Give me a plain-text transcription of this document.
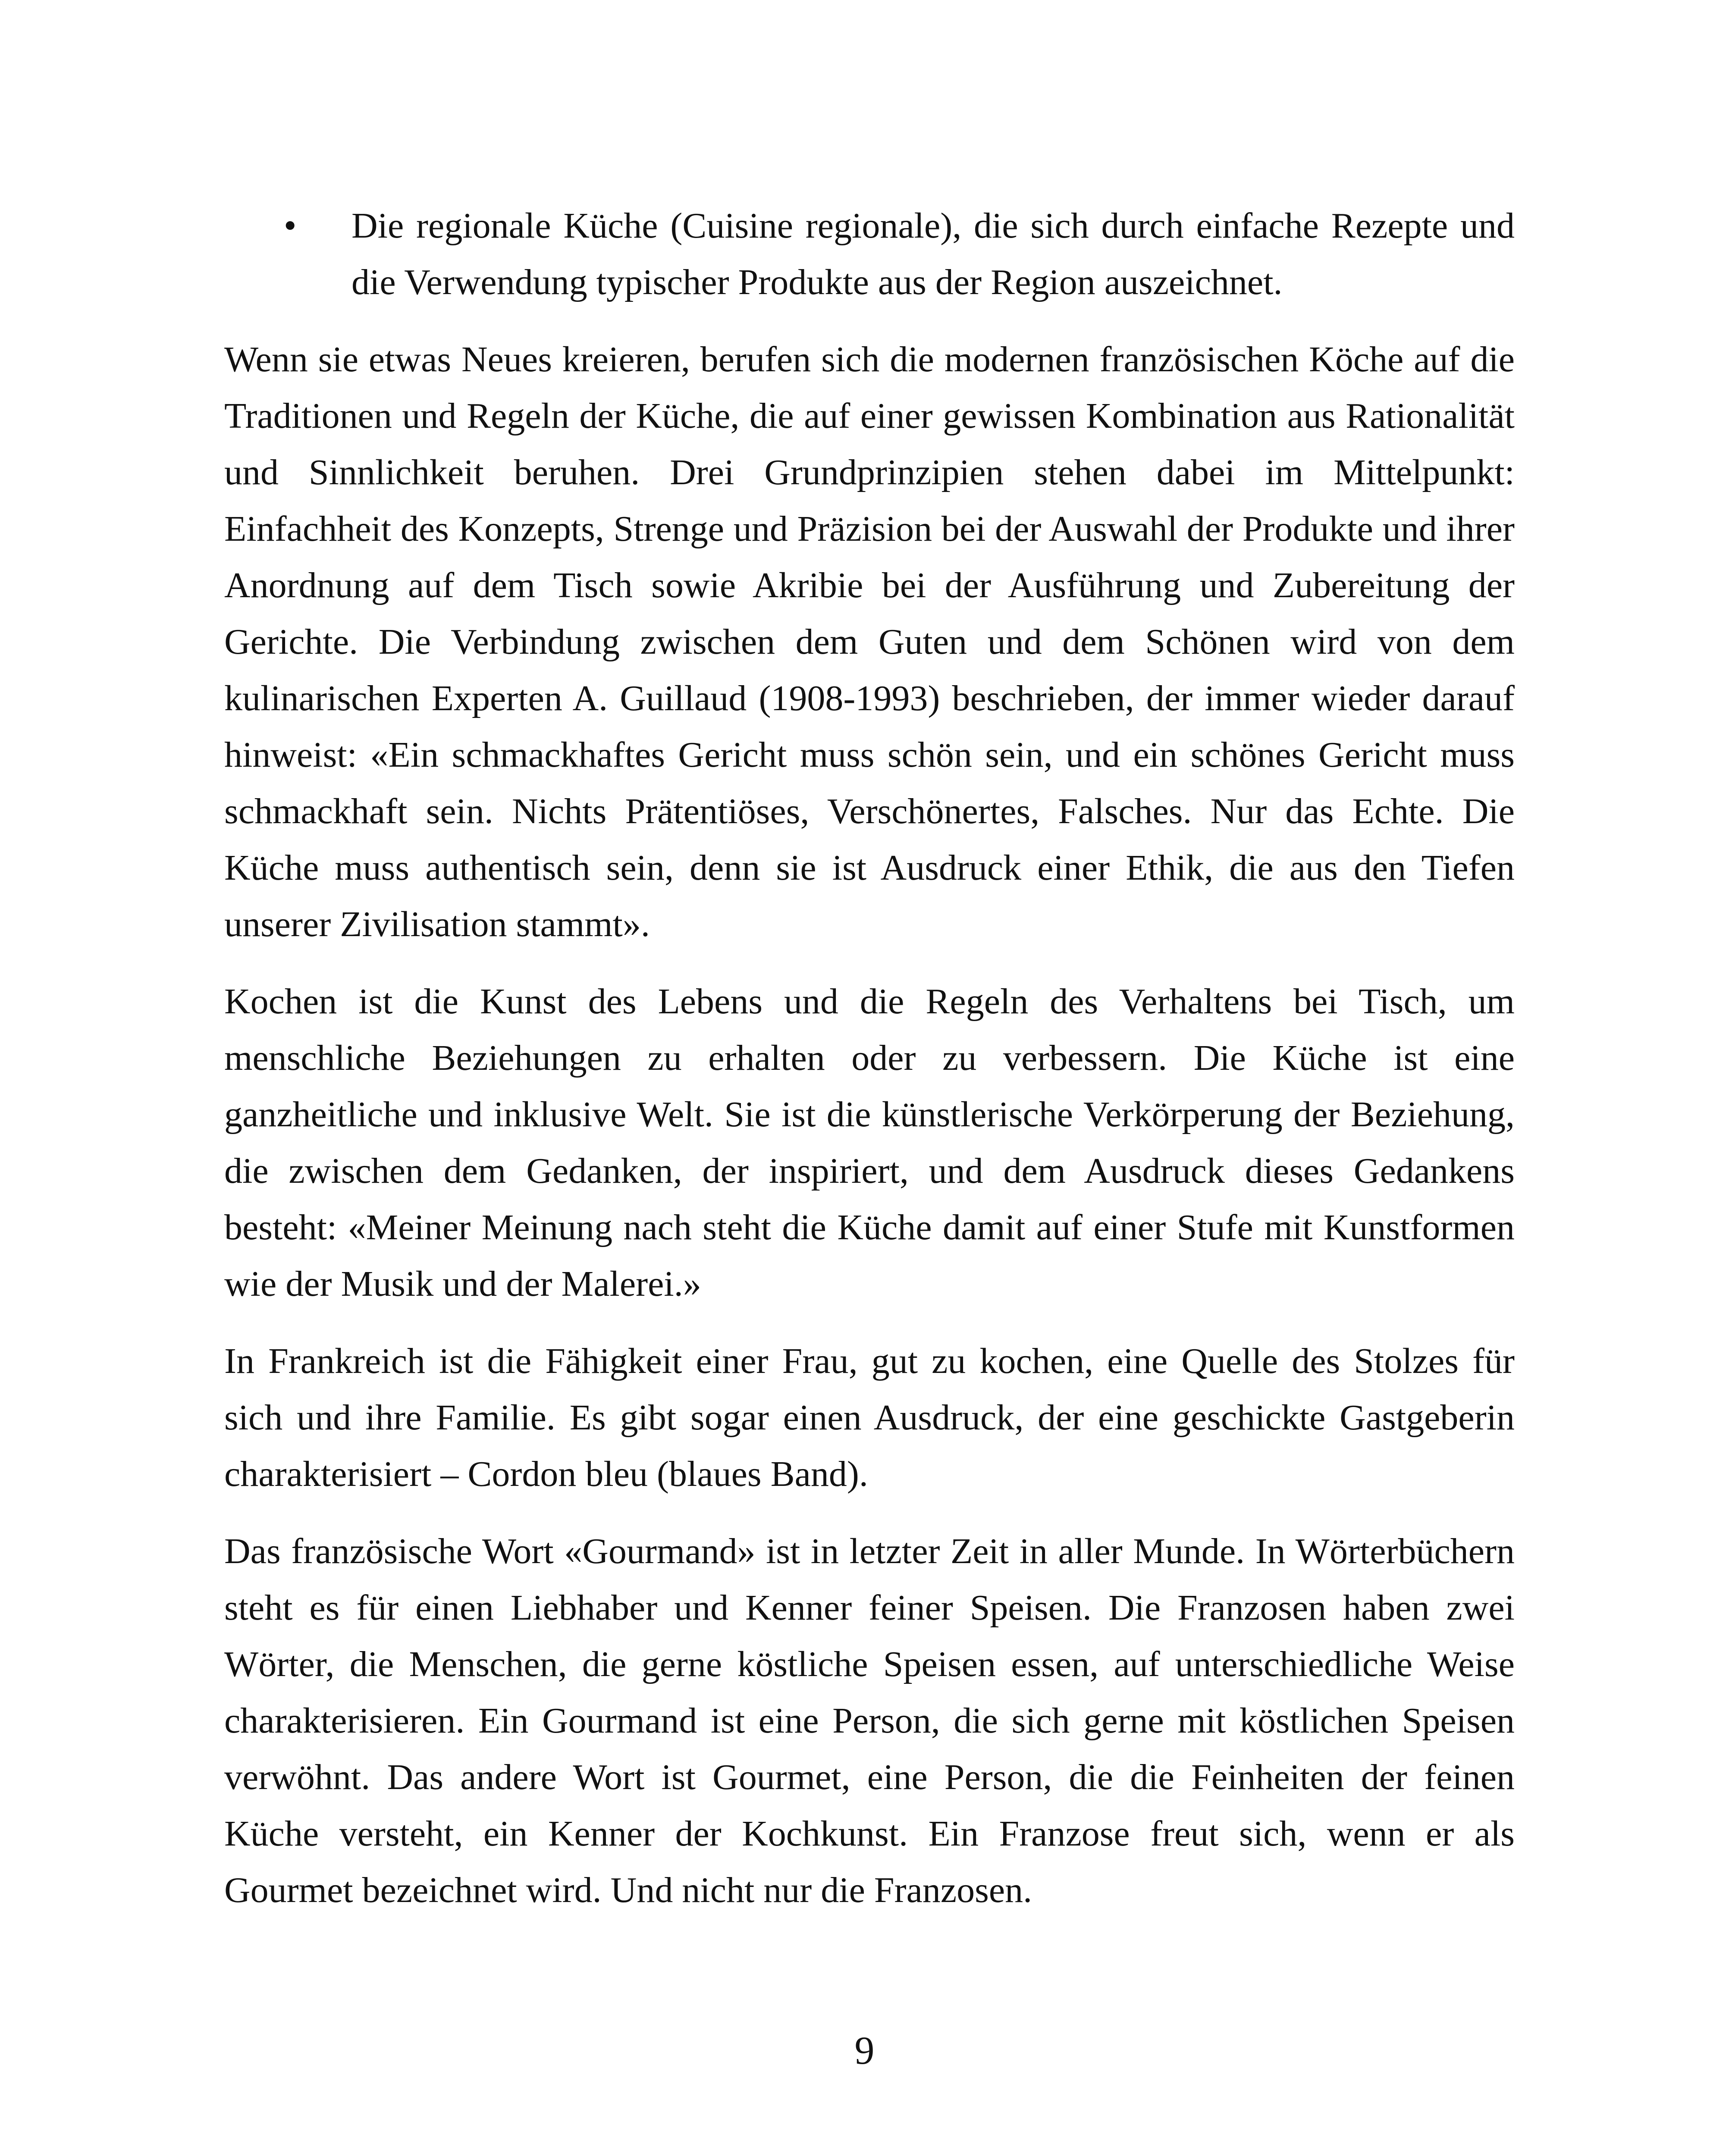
• Die regionale Küche (Cuisine regionale), die sich durch einfache Rezepte und die Verwendung typischer Produkte aus der Region auszeichnet.

Wenn sie etwas Neues kreieren, berufen sich die modernen französischen Köche auf die Traditionen und Regeln der Küche, die auf einer gewissen Kombination aus Rationalität und Sinnlichkeit beruhen. Drei Grundprinzipien stehen dabei im Mittelpunkt: Einfachheit des Konzepts, Strenge und Präzision bei der Auswahl der Produkte und ihrer Anordnung auf dem Tisch sowie Akribie bei der Ausführung und Zubereitung der Gerichte. Die Verbindung zwischen dem Guten und dem Schönen wird von dem kulinarischen Experten A. Guillaud (1908-1993) beschrieben, der immer wieder darauf hinweist: «Ein schmackhaftes Gericht muss schön sein, und ein schönes Gericht muss schmackhaft sein. Nichts Prätentiöses, Verschönertes, Falsches. Nur das Echte. Die Küche muss authentisch sein, denn sie ist Ausdruck einer Ethik, die aus den Tiefen unserer Zivilisation stammt».

Kochen ist die Kunst des Lebens und die Regeln des Verhaltens bei Tisch, um menschliche Beziehungen zu erhalten oder zu verbessern. Die Küche ist eine ganzheitliche und inklusive Welt. Sie ist die künstlerische Verkörperung der Beziehung, die zwischen dem Gedanken, der inspiriert, und dem Ausdruck dieses Gedankens besteht: «Meiner Meinung nach steht die Küche damit auf einer Stufe mit Kunstformen wie der Musik und der Malerei.»

In Frankreich ist die Fähigkeit einer Frau, gut zu kochen, eine Quelle des Stolzes für sich und ihre Familie. Es gibt sogar einen Ausdruck, der eine geschickte Gastgeberin charakterisiert – Cordon bleu (blaues Band).

Das französische Wort «Gourmand» ist in letzter Zeit in aller Munde. In Wörterbüchern steht es für einen Liebhaber und Kenner feiner Speisen. Die Franzosen haben zwei Wörter, die Menschen, die gerne köstliche Speisen essen, auf unterschiedliche Weise charakterisieren. Ein Gourmand ist eine Person, die sich gerne mit köstlichen Speisen verwöhnt. Das andere Wort ist Gourmet, eine Person, die die Feinheiten der feinen Küche versteht, ein Kenner der Kochkunst. Ein Franzose freut sich, wenn er als Gourmet bezeichnet wird. Und nicht nur die Franzosen.

9
